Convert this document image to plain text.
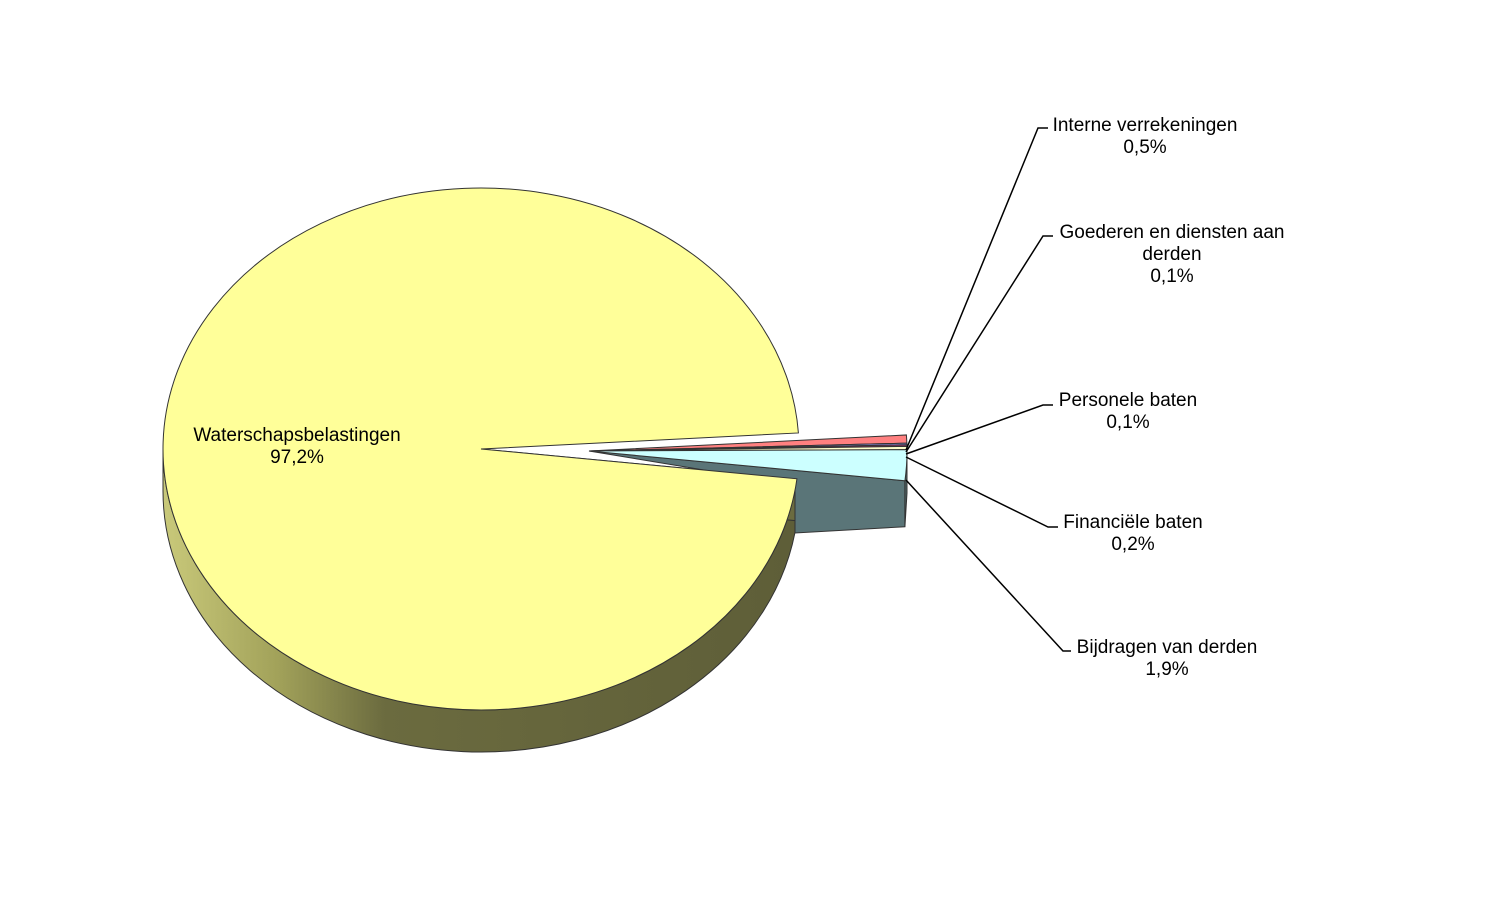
Waterschapsbelastingen 97,2%
Interne verrekeningen 0,5%
Goederen en diensten aan derden 0,1%
Personele baten 0,1%
Financiële baten 0,2%
Bijdragen van derden 1,9%
